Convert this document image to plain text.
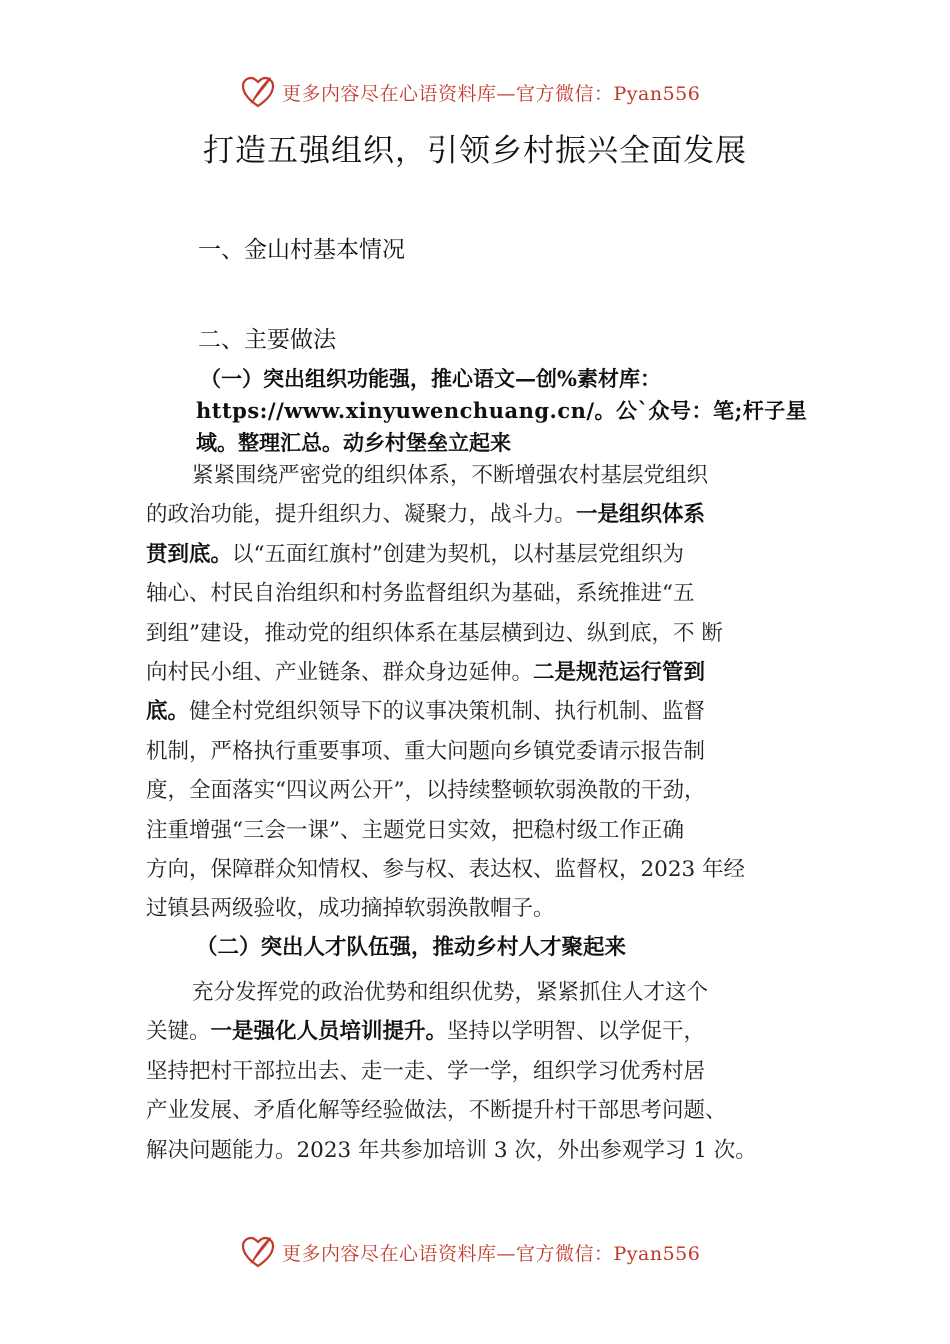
更多内容尽在心语资料库—官方微信：Pyan556
打造五强组织，引领乡村振兴全面发展
一、金山村基本情况
二、主要做法
（一）突出组织功能强，推心语文—创%素材库：
https://www.xinyuwenchuang.cn/。公`众号：笔;杆子星
域。整理汇总。动乡村堡垒立起来
紧紧围绕严密党的组织体系，不断增强农村基层党组织
的政治功能，提升组织力、凝聚力，战斗力。一是组织体系
贯到底。以“五面红旗村”创建为契机，以村基层党组织为
轴心、村民自治组织和村务监督组织为基础，系统推进“五
到组”建设，推动党的组织体系在基层横到边、纵到底，不 断
向村民小组、产业链条、群众身边延伸。二是规范运行管到
底。健全村党组织领导下的议事决策机制、执行机制、监督
机制，严格执行重要事项、重大问题向乡镇党委请示报告制
度，全面落实“四议两公开”，以持续整顿软弱涣散的干劲，
注重增强“三会一课”、主题党日实效，把稳村级工作正确
方向，保障群众知情权、参与权、表达权、监督权，2023 年经
过镇县两级验收，成功摘掉软弱涣散帽子。
（二）突出人才队伍强，推动乡村人才聚起来
充分发挥党的政治优势和组织优势，紧紧抓住人才这个
关键。一是强化人员培训提升。坚持以学明智、以学促干，
坚持把村干部拉出去、走一走、学一学，组织学习优秀村居
产业发展、矛盾化解等经验做法，不断提升村干部思考问题、
解决问题能力。2023 年共参加培训 3 次，外出参观学习 1 次。
更多内容尽在心语资料库—官方微信：Pyan556
